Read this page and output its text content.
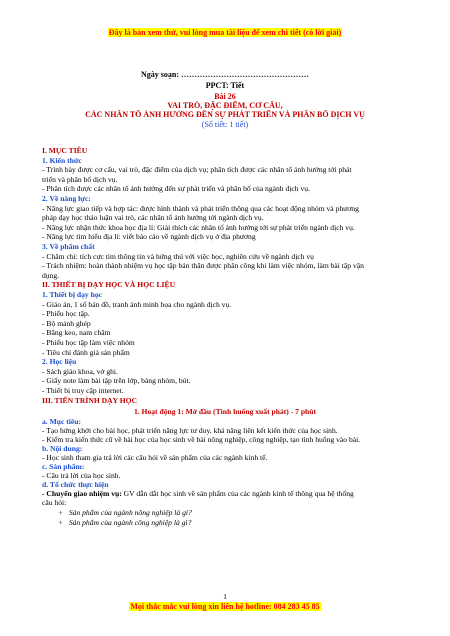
Đây là bản xem thử, vui lòng mua tài liệu để xem chi tiết (có lời giải)
Ngày soạn: …………………………………………
PPCT: Tiết
Bài 26
VAI TRÒ, ĐẶC ĐIỂM, CƠ CẤU,
CÁC NHÂN TỐ ẢNH HƯỞNG ĐẾN SỰ PHÁT TRIỂN VÀ PHÂN BỐ DỊCH VỤ
(Số tiết: 1 tiết)
I. MỤC TIÊU
1. Kiến thức
- Trình bày được cơ cấu, vai trò, đặc điểm của dịch vụ; phân tích được các nhân tố ảnh hưởng tới phát
triển và phân bố dịch vụ.
- Phân tích được các nhân tố ảnh hưởng đến sự phát triển và phân bố của ngành dịch vụ.
2. Về năng lực:
- Năng lực giao tiếp và hợp tác: được hình thành và phát triển thông qua các hoạt động nhóm và phương
pháp dạy học thảo luận vai trò, các nhân tố ảnh hưởng tới ngành dịch vụ.
- Năng lực nhận thức khoa học địa lí: Giải thích các nhân tố ảnh hưởng tới sự phát triển ngành dịch vụ.
- Năng lực tìm hiểu địa lí: viết báo cáo về ngành dịch vụ ở địa phương
3. Về phẩm chất
- Chăm chỉ: tích cực tìm thông tin và hứng thú với việc học, nghiên cứu về ngành dịch vụ
- Trách nhiệm: hoàn thành nhiệm vụ học tập bản thân được phân công khi làm việc nhóm, làm bài tập vận
dụng.
II. THIẾT BỊ DẠY HỌC VÀ HỌC LIỆU
1. Thiết bị dạy học
- Giáo án, 1 số bản đồ, tranh ảnh minh họa cho ngành dịch vụ.
- Phiếu học tập.
- Bộ mảnh ghép
- Băng keo, nam châm
- Phiếu học tập làm việc nhóm
- Tiêu chí đánh giá sản phẩm
2. Học liệu
- Sách giáo khoa, vở ghi.
- Giấy note làm bài tập trên lớp, bảng nhóm, bút.
- Thiết bị truy cập internet.
III. TIẾN TRÌNH DẠY HỌC
1. Hoạt động 1: Mở đầu (Tình huống xuất phát) - 7 phút
a. Mục tiêu:
- Tạo hứng khởi cho bài học, phát triển năng lực tư duy, khả năng liên kết kiến thức của học sinh.
- Kiểm tra kiến thức cũ về bài học của học sinh về bài nông nghiệp, công nghiệp, tạo tình huống vào bài.
b. Nội dung:
- Học sinh tham gia trả lời các câu hỏi về sản phẩm của các ngành kinh tế.
c. Sản phẩm:
- Câu trả lời của học sinh.
d. Tổ chức thực hiện
- Chuyển giao nhiệm vụ: GV dẫn dắt học sinh về sản phẩm của các ngành kinh tế thông qua hệ thống
câu hỏi:
+ Sản phẩm của ngành nông nghiệp là gì?
+ Sản phẩm của ngành công nghiệp là gì?
1
Mọi thắc mắc vui lòng xin liên hệ hotline: 084 283 45 85
